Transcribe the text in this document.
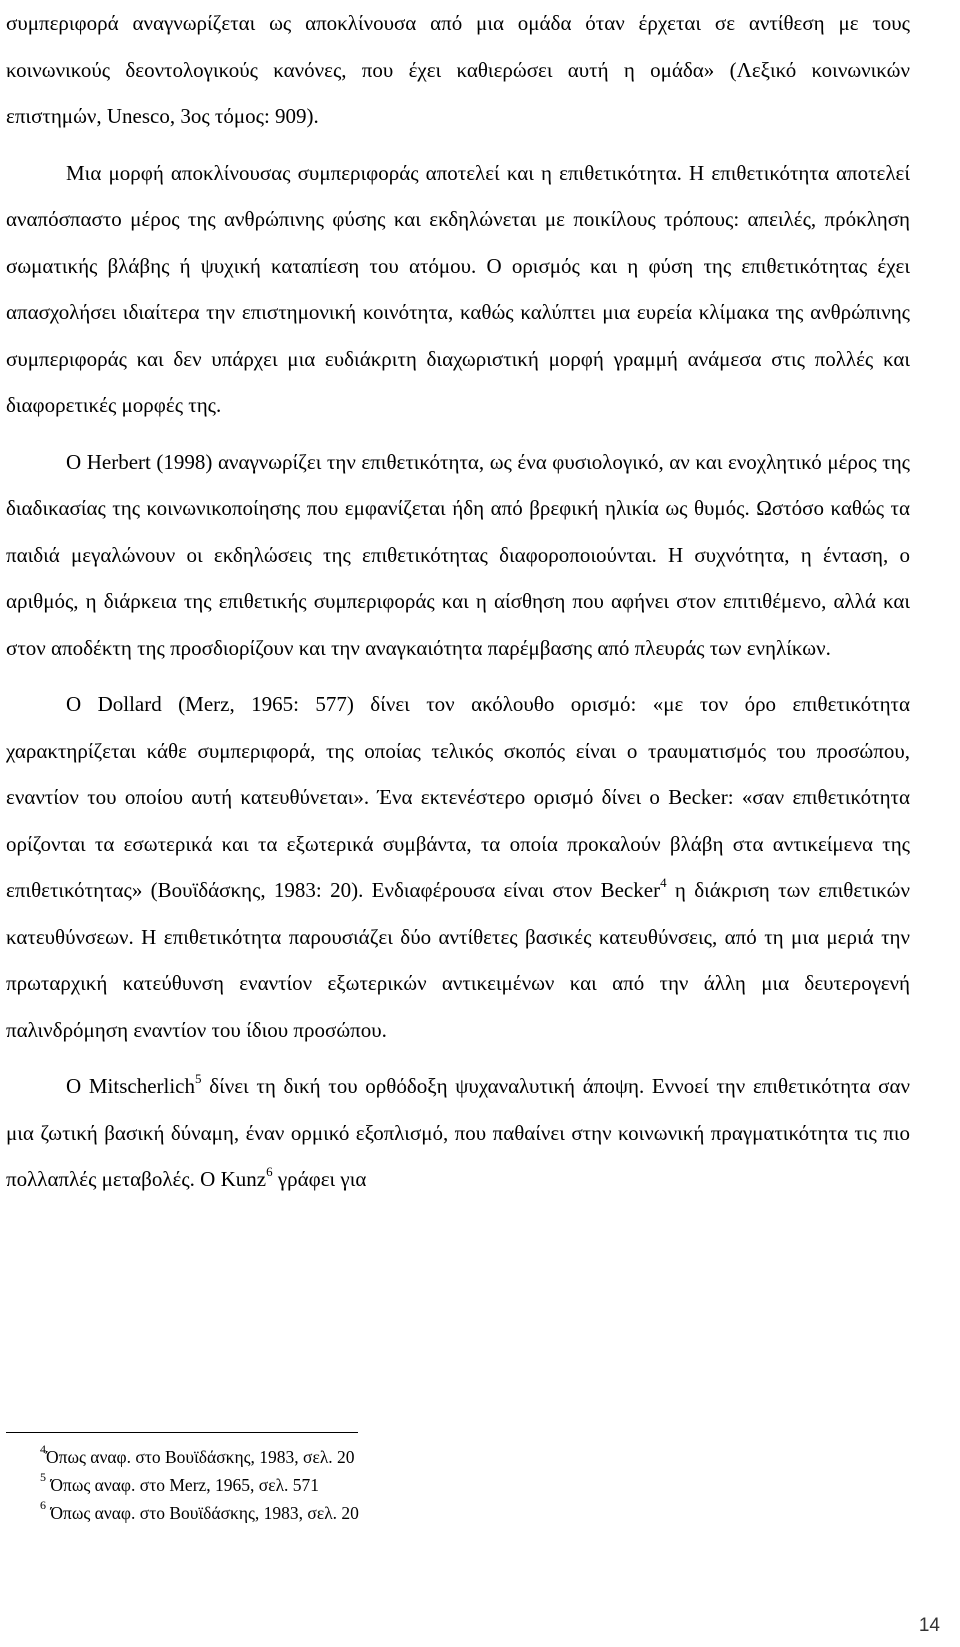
συμπεριφορά αναγνωρίζεται ως αποκλίνουσα από μια ομάδα όταν έρχεται σε αντίθεση με τους κοινωνικούς δεοντολογικούς κανόνες, που έχει καθιερώσει αυτή η ομάδα» (Λεξικό κοινωνικών επιστημών, Unesco, 3ος τόμος: 909).

Μια μορφή αποκλίνουσας συμπεριφοράς αποτελεί και η επιθετικότητα. Η επιθετικότητα αποτελεί αναπόσπαστο μέρος της ανθρώπινης φύσης και εκδηλώνεται με ποικίλους τρόπους: απειλές, πρόκληση σωματικής βλάβης ή ψυχική καταπίεση του ατόμου. Ο ορισμός και η φύση της επιθετικότητας έχει απασχολήσει ιδιαίτερα την επιστημονική κοινότητα, καθώς καλύπτει μια ευρεία κλίμακα της ανθρώπινης συμπεριφοράς και δεν υπάρχει μια ευδιάκριτη διαχωριστική μορφή γραμμή ανάμεσα στις πολλές και διαφορετικές μορφές της.

Ο Herbert (1998) αναγνωρίζει την επιθετικότητα, ως ένα φυσιολογικό, αν και ενοχλητικό μέρος της διαδικασίας της κοινωνικοποίησης που εμφανίζεται ήδη από βρεφική ηλικία ως θυμός. Ωστόσο καθώς τα παιδιά μεγαλώνουν οι εκδηλώσεις της επιθετικότητας διαφοροποιούνται. Η συχνότητα, η ένταση, ο αριθμός, η διάρκεια της επιθετικής συμπεριφοράς και η αίσθηση που αφήνει στον επιτιθέμενο, αλλά και στον αποδέκτη της προσδιορίζουν και την αναγκαιότητα παρέμβασης από πλευράς των ενηλίκων.

Ο Dollard (Merz, 1965: 577) δίνει τον ακόλουθο ορισμό: «με τον όρο επιθετικότητα χαρακτηρίζεται κάθε συμπεριφορά, της οποίας τελικός σκοπός είναι ο τραυματισμός του προσώπου, εναντίον του οποίου αυτή κατευθύνεται». Ένα εκτενέστερο ορισμό δίνει ο Becker: «σαν επιθετικότητα ορίζονται τα εσωτερικά και τα εξωτερικά συμβάντα, τα οποία προκαλούν βλάβη στα αντικείμενα της επιθετικότητας» (Βουϊδάσκης, 1983: 20). Ενδιαφέρουσα είναι στον Becker$^4$ η διάκριση των επιθετικών κατευθύνσεων. Η επιθετικότητα παρουσιάζει δύο αντίθετες βασικές κατευθύνσεις, από τη μια μεριά την πρωταρχική κατεύθυνση εναντίον εξωτερικών αντικειμένων και από την άλλη μια δευτερογενή παλινδρόμηση εναντίον του ίδιου προσώπου.

Ο Mitscherlich$^5$ δίνει τη δική του ορθόδοξη ψυχαναλυτική άποψη. Εννοεί την επιθετικότητα σαν μια ζωτική βασική δύναμη, έναν ορμικό εξοπλισμό, που παθαίνει στην κοινωνική πραγματικότητα τις πιο πολλαπλές μεταβολές. Ο Kunz$^6$ γράφει για

$^4$Όπως αναφ. στο Βουϊδάσκης, 1983, σελ. 20

$^5$ Όπως αναφ. στο Merz, 1965, σελ. 571

$^6$ Όπως αναφ. στο Βουϊδάσκης, 1983, σελ. 20

14
